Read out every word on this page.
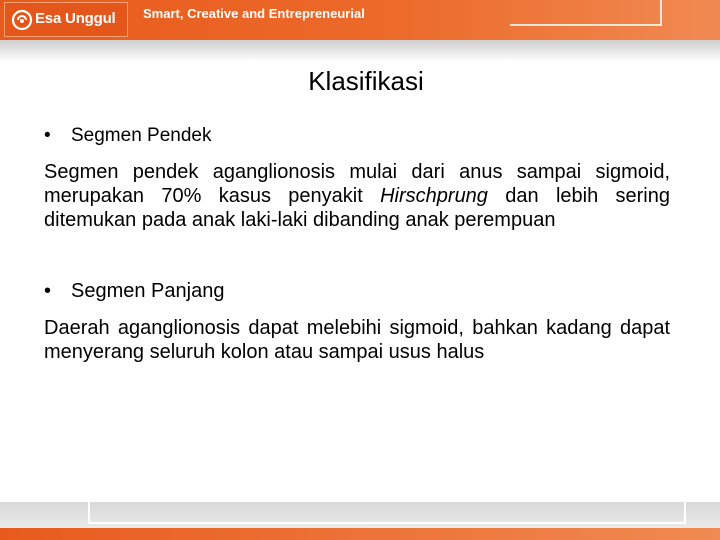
Esa Unggul Smart, Creative and Entrepreneurial
Klasifikasi
• Segmen Pendek
Segmen pendek aganglionosis mulai dari anus sampai sigmoid, merupakan 70% kasus penyakit Hirschprung dan lebih sering ditemukan pada anak laki-laki dibanding anak perempuan
• Segmen Panjang
Daerah aganglionosis dapat melebihi sigmoid, bahkan kadang dapat menyerang seluruh kolon atau sampai usus halus
